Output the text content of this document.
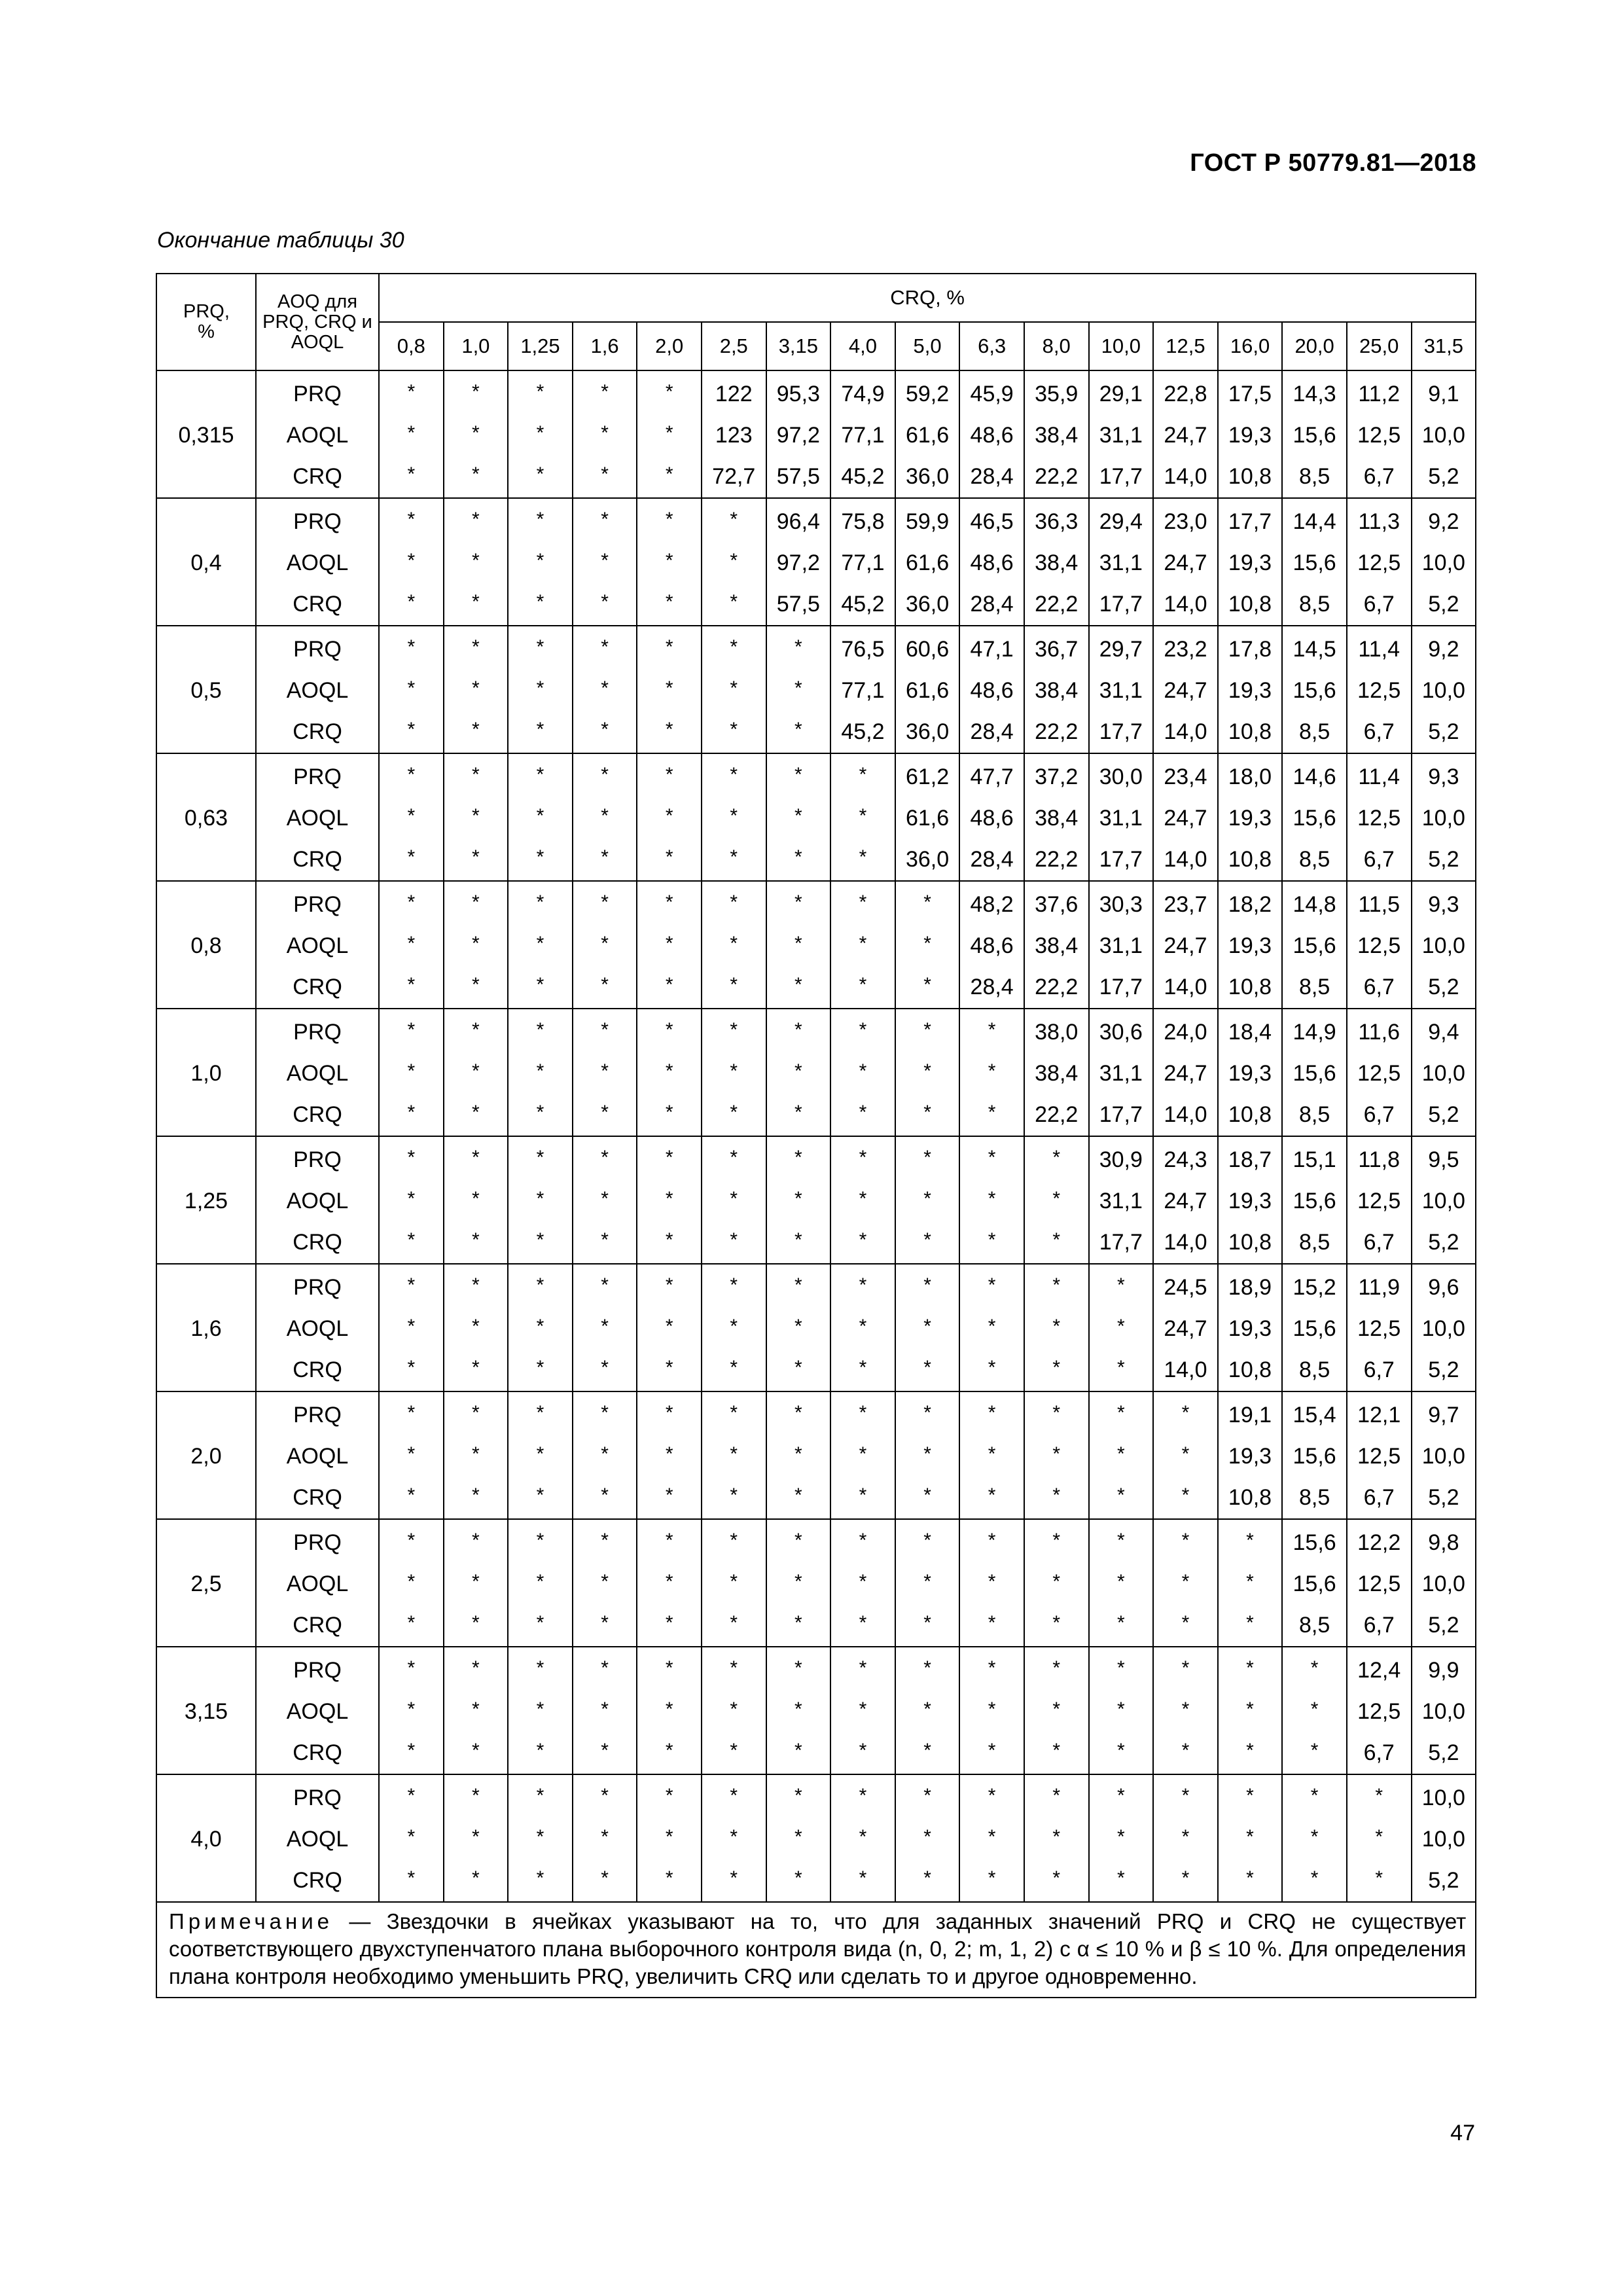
ГОСТ Р 50779.81—2018
Окончание таблицы 30
PRQ, %	AOQ для PRQ, CRQ и AOQL	CRQ, %																
		0,8	1,0	1,25	1,6	2,0	2,5	3,15	4,0	5,0	6,3	8,0	10,0	12,5	16,0	20,0	25,0	31,5
0,315	PRQ	*	*	*	*	*	122	95,3	74,9	59,2	45,9	35,9	29,1	22,8	17,5	14,3	11,2	9,1
	AOQL	*	*	*	*	*	123	97,2	77,1	61,6	48,6	38,4	31,1	24,7	19,3	15,6	12,5	10,0
	CRQ	*	*	*	*	*	72,7	57,5	45,2	36,0	28,4	22,2	17,7	14,0	10,8	8,5	6,7	5,2
0,4	PRQ	*	*	*	*	*	*	96,4	75,8	59,9	46,5	36,3	29,4	23,0	17,7	14,4	11,3	9,2
	AOQL	*	*	*	*	*	*	97,2	77,1	61,6	48,6	38,4	31,1	24,7	19,3	15,6	12,5	10,0
	CRQ	*	*	*	*	*	*	57,5	45,2	36,0	28,4	22,2	17,7	14,0	10,8	8,5	6,7	5,2
0,5	PRQ	*	*	*	*	*	*	*	76,5	60,6	47,1	36,7	29,7	23,2	17,8	14,5	11,4	9,2
	AOQL	*	*	*	*	*	*	*	77,1	61,6	48,6	38,4	31,1	24,7	19,3	15,6	12,5	10,0
	CRQ	*	*	*	*	*	*	*	45,2	36,0	28,4	22,2	17,7	14,0	10,8	8,5	6,7	5,2
0,63	PRQ	*	*	*	*	*	*	*	*	61,2	47,7	37,2	30,0	23,4	18,0	14,6	11,4	9,3
	AOQL	*	*	*	*	*	*	*	*	61,6	48,6	38,4	31,1	24,7	19,3	15,6	12,5	10,0
	CRQ	*	*	*	*	*	*	*	*	36,0	28,4	22,2	17,7	14,0	10,8	8,5	6,7	5,2
0,8	PRQ	*	*	*	*	*	*	*	*	*	48,2	37,6	30,3	23,7	18,2	14,8	11,5	9,3
	AOQL	*	*	*	*	*	*	*	*	*	48,6	38,4	31,1	24,7	19,3	15,6	12,5	10,0
	CRQ	*	*	*	*	*	*	*	*	*	28,4	22,2	17,7	14,0	10,8	8,5	6,7	5,2
1,0	PRQ	*	*	*	*	*	*	*	*	*	*	38,0	30,6	24,0	18,4	14,9	11,6	9,4
	AOQL	*	*	*	*	*	*	*	*	*	*	38,4	31,1	24,7	19,3	15,6	12,5	10,0
	CRQ	*	*	*	*	*	*	*	*	*	*	22,2	17,7	14,0	10,8	8,5	6,7	5,2
1,25	PRQ	*	*	*	*	*	*	*	*	*	*	*	30,9	24,3	18,7	15,1	11,8	9,5
	AOQL	*	*	*	*	*	*	*	*	*	*	*	31,1	24,7	19,3	15,6	12,5	10,0
	CRQ	*	*	*	*	*	*	*	*	*	*	*	17,7	14,0	10,8	8,5	6,7	5,2
1,6	PRQ	*	*	*	*	*	*	*	*	*	*	*	*	24,5	18,9	15,2	11,9	9,6
	AOQL	*	*	*	*	*	*	*	*	*	*	*	*	24,7	19,3	15,6	12,5	10,0
	CRQ	*	*	*	*	*	*	*	*	*	*	*	*	14,0	10,8	8,5	6,7	5,2
2,0	PRQ	*	*	*	*	*	*	*	*	*	*	*	*	*	19,1	15,4	12,1	9,7
	AOQL	*	*	*	*	*	*	*	*	*	*	*	*	*	19,3	15,6	12,5	10,0
	CRQ	*	*	*	*	*	*	*	*	*	*	*	*	*	10,8	8,5	6,7	5,2
2,5	PRQ	*	*	*	*	*	*	*	*	*	*	*	*	*	*	15,6	12,2	9,8
	AOQL	*	*	*	*	*	*	*	*	*	*	*	*	*	*	15,6	12,5	10,0
	CRQ	*	*	*	*	*	*	*	*	*	*	*	*	*	*	8,5	6,7	5,2
3,15	PRQ	*	*	*	*	*	*	*	*	*	*	*	*	*	*	*	12,4	9,9
	AOQL	*	*	*	*	*	*	*	*	*	*	*	*	*	*	*	12,5	10,0
	CRQ	*	*	*	*	*	*	*	*	*	*	*	*	*	*	*	6,7	5,2
4,0	PRQ	*	*	*	*	*	*	*	*	*	*	*	*	*	*	*	*	10,0
	AOQL	*	*	*	*	*	*	*	*	*	*	*	*	*	*	*	*	10,0
	CRQ	*	*	*	*	*	*	*	*	*	*	*	*	*	*	*	*	5,2
Примечание — Звездочки в ячейках указывают на то, что для заданных значений PRQ и CRQ не существует соответствующего двухступенчатого плана выборочного контроля вида (n, 0, 2; m, 1, 2) с α ≤ 10 % и β ≤ 10 %. Для определения плана контроля необходимо уменьшить PRQ, увеличить CRQ или сделать то и другое одновременно.																		
47
